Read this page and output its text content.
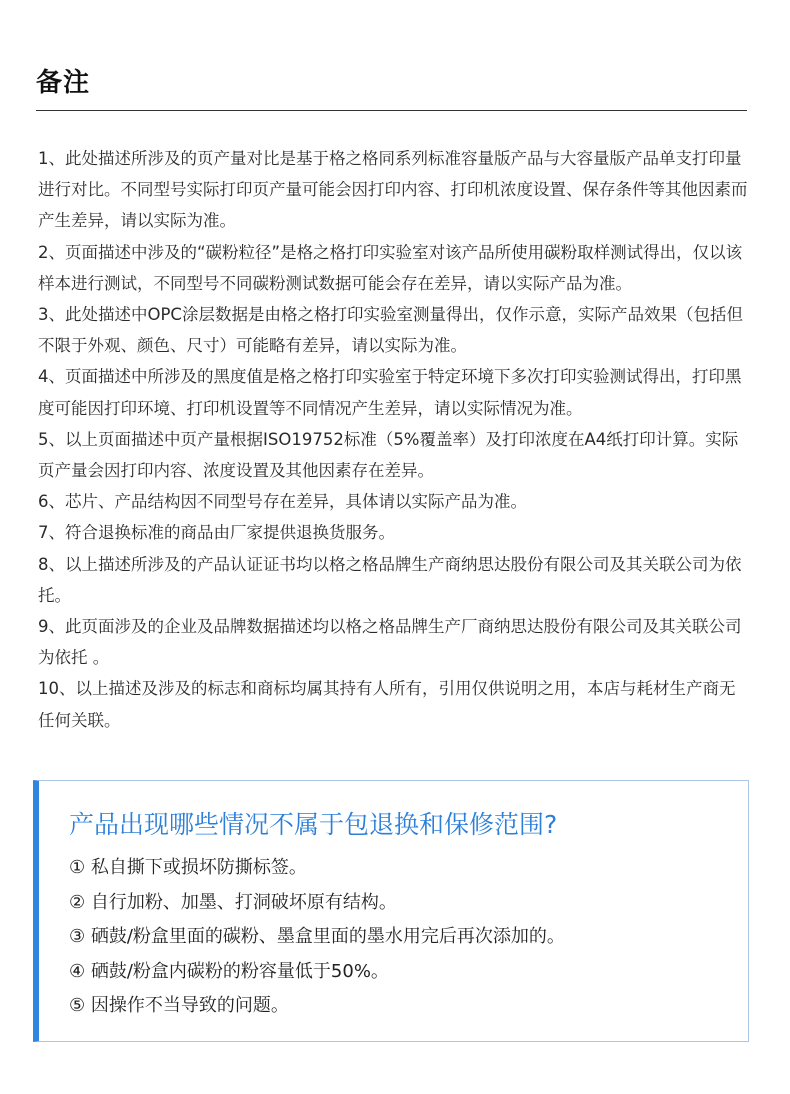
备注
1、此处描述所涉及的页产量对比是基于格之格同系列标准容量版产品与大容量版产品单支打印量进行对比。不同型号实际打印页产量可能会因打印内容、打印机浓度设置、保存条件等其他因素而产生差异，请以实际为准。
2、页面描述中涉及的“碳粉粒径”是格之格打印实验室对该产品所使用碳粉取样测试得出，仅以该样本进行测试，不同型号不同碳粉测试数据可能会存在差异，请以实际产品为准。
3、此处描述中OPC涂层数据是由格之格打印实验室测量得出，仅作示意，实际产品效果（包括但不限于外观、颜色、尺寸）可能略有差异，请以实际为准。
4、页面描述中所涉及的黑度值是格之格打印实验室于特定环境下多次打印实验测试得出，打印黑度可能因打印环境、打印机设置等不同情况产生差异，请以实际情况为准。
5、以上页面描述中页产量根据ISO19752标准（5%覆盖率）及打印浓度在A4纸打印计算。实际页产量会因打印内容、浓度设置及其他因素存在差异。
6、芯片、产品结构因不同型号存在差异，具体请以实际产品为准。
7、符合退换标准的商品由厂家提供退换货服务。
8、以上描述所涉及的产品认证证书均以格之格品牌生产商纳思达股份有限公司及其关联公司为依托。
9、此页面涉及的企业及品牌数据描述均以格之格品牌生产厂商纳思达股份有限公司及其关联公司为依托 。
10、以上描述及涉及的标志和商标均属其持有人所有，引用仅供说明之用，本店与耗材生产商无任何关联。
产品出现哪些情况不属于包退换和保修范围?
① 私自撕下或损坏防撕标签。
② 自行加粉、加墨、打洞破坏原有结构。
③ 硒鼓/粉盒里面的碳粉、墨盒里面的墨水用完后再次添加的。
④ 硒鼓/粉盒内碳粉的粉容量低于50%。
⑤ 因操作不当导致的问题。
